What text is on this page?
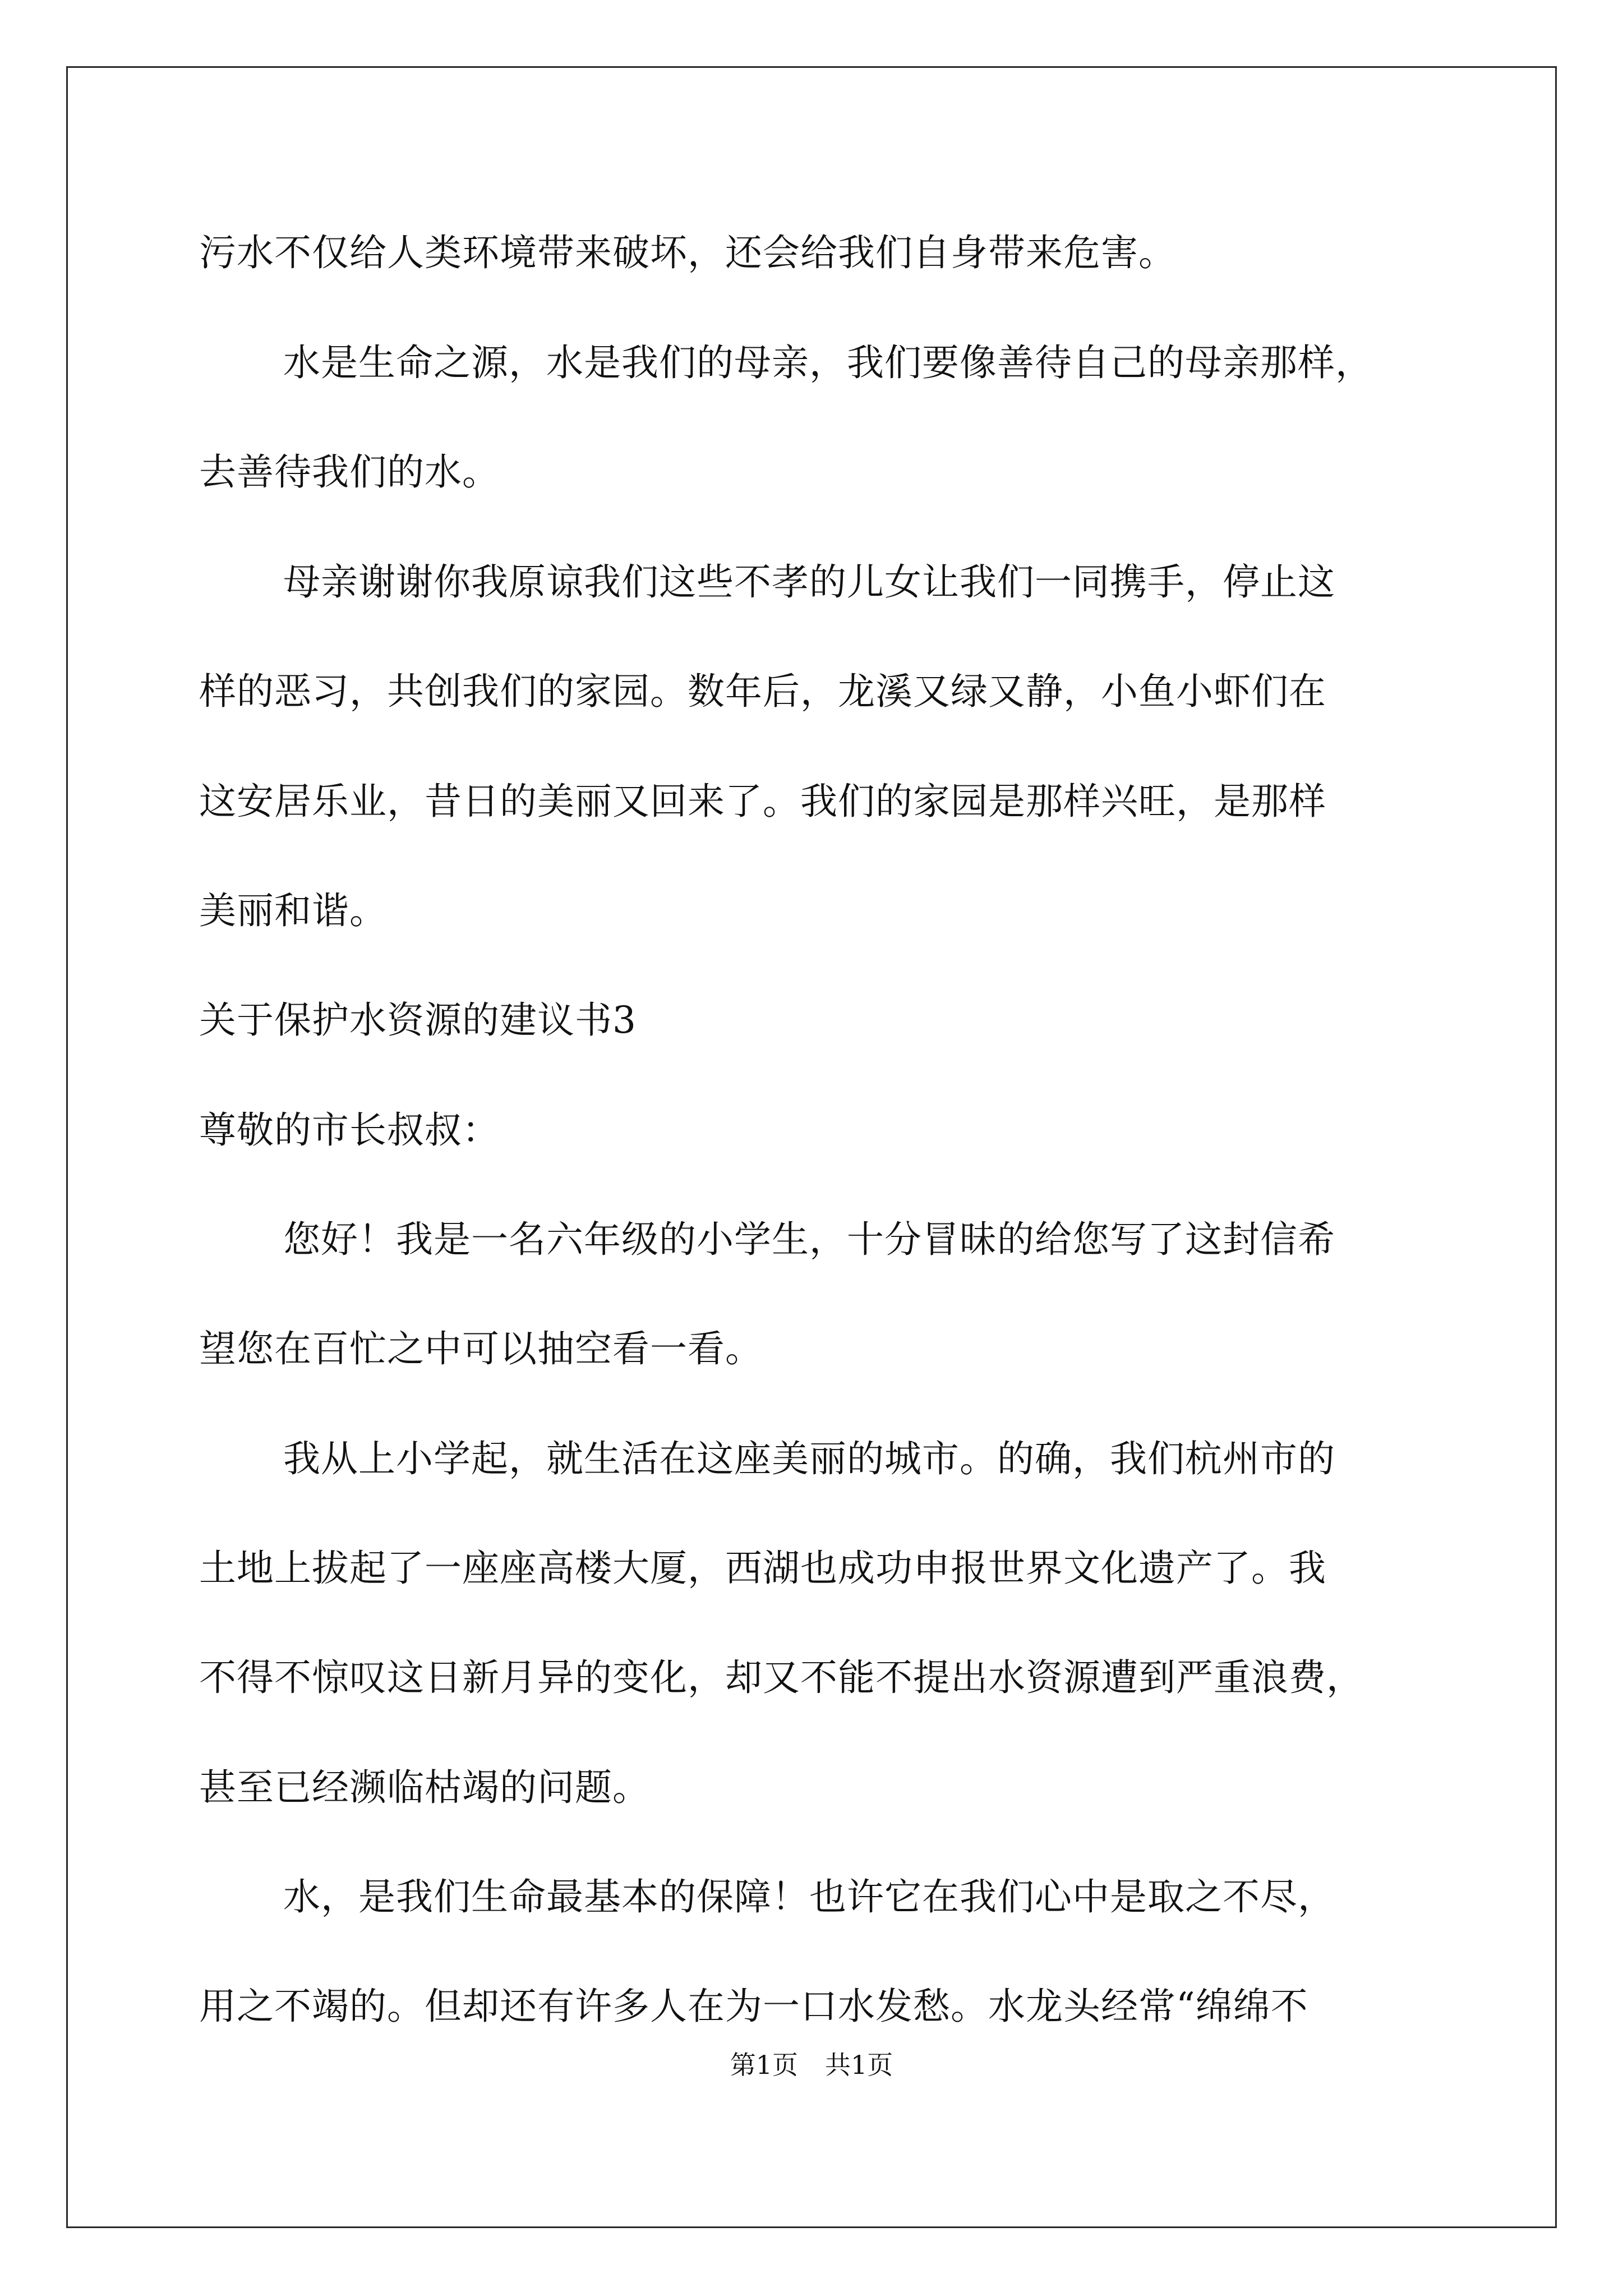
污水不仅给人类环境带来破坏，还会给我们自身带来危害。
水是生命之源，水是我们的母亲，我们要像善待自己的母亲那样，
去善待我们的水。
母亲谢谢你我原谅我们这些不孝的儿女让我们一同携手，停止这
样的恶习，共创我们的家园。数年后，龙溪又绿又静，小鱼小虾们在
这安居乐业，昔日的美丽又回来了。我们的家园是那样兴旺，是那样
美丽和谐。
关于保护水资源的建议书3
尊敬的市长叔叔：
您好！我是一名六年级的小学生，十分冒昧的给您写了这封信希
望您在百忙之中可以抽空看一看。
我从上小学起，就生活在这座美丽的城市。的确，我们杭州市的
土地上拔起了一座座高楼大厦，西湖也成功申报世界文化遗产了。我
不得不惊叹这日新月异的变化，却又不能不提出水资源遭到严重浪费，
甚至已经濒临枯竭的问题。
水，是我们生命最基本的保障！也许它在我们心中是取之不尽，
用之不竭的。但却还有许多人在为一口水发愁。水龙头经常“绵绵不
第1页 共1页
